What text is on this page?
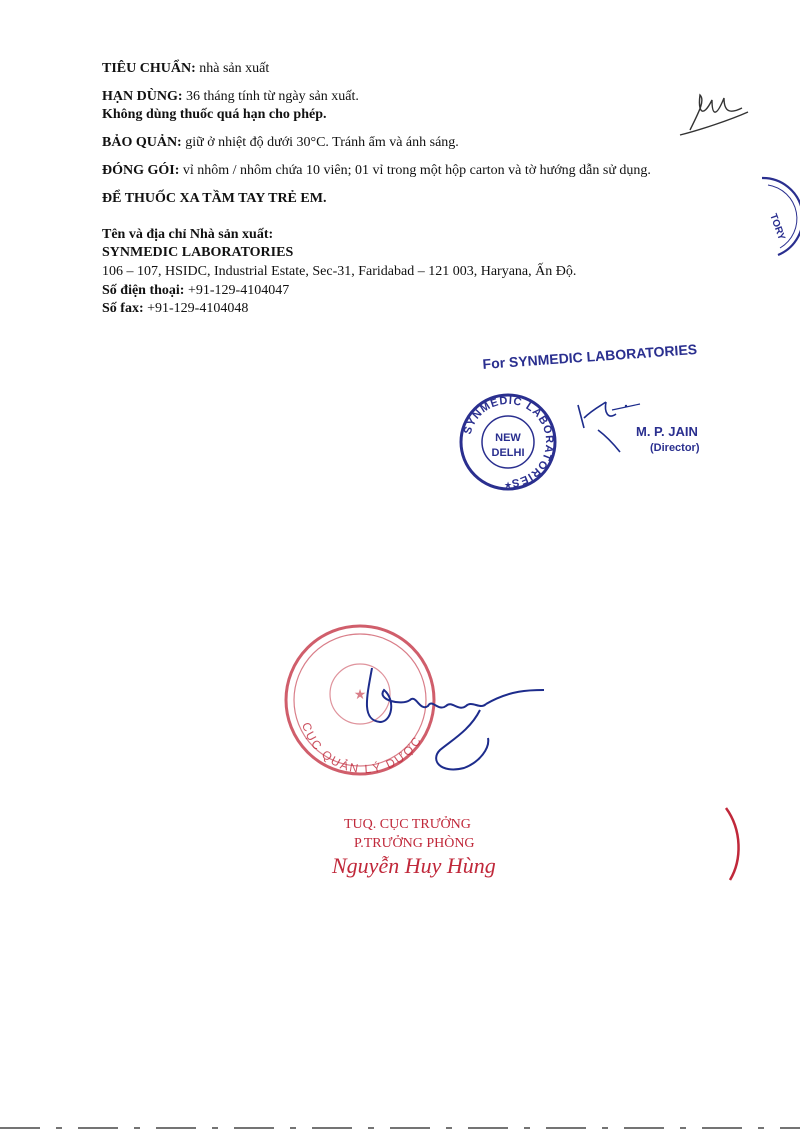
TIÊU CHUẨN: nhà sản xuất
HẠN DÙNG: 36 tháng tính từ ngày sản xuất.
Không dùng thuốc quá hạn cho phép.
BẢO QUẢN: giữ ở nhiệt độ dưới 30°C. Tránh ẩm và ánh sáng.
ĐÓNG GÓI: vỉ nhôm / nhôm chứa 10 viên; 01 vỉ trong một hộp carton và tờ hướng dẫn sử dụng.
ĐỂ THUỐC XA TẦM TAY TRẺ EM.
Tên và địa chỉ Nhà sản xuất:
SYNMEDIC LABORATORIES
106 – 107, HSIDC, Industrial Estate, Sec-31, Faridabad – 121 003, Haryana, Ấn Độ.
Số điện thoại: +91-129-4104047
Số fax: +91-129-4104048
TORY
For SYNMEDIC LABORATORIES
SYNMEDIC LABORATORIES
NEW
DELHI
★
M. P. JAIN
(Director)
CỤC QUẢN LÝ DƯỢC
★
TUQ. CỤC TRƯỞNG
P.TRƯỞNG PHÒNG
Nguyễn Huy Hùng
